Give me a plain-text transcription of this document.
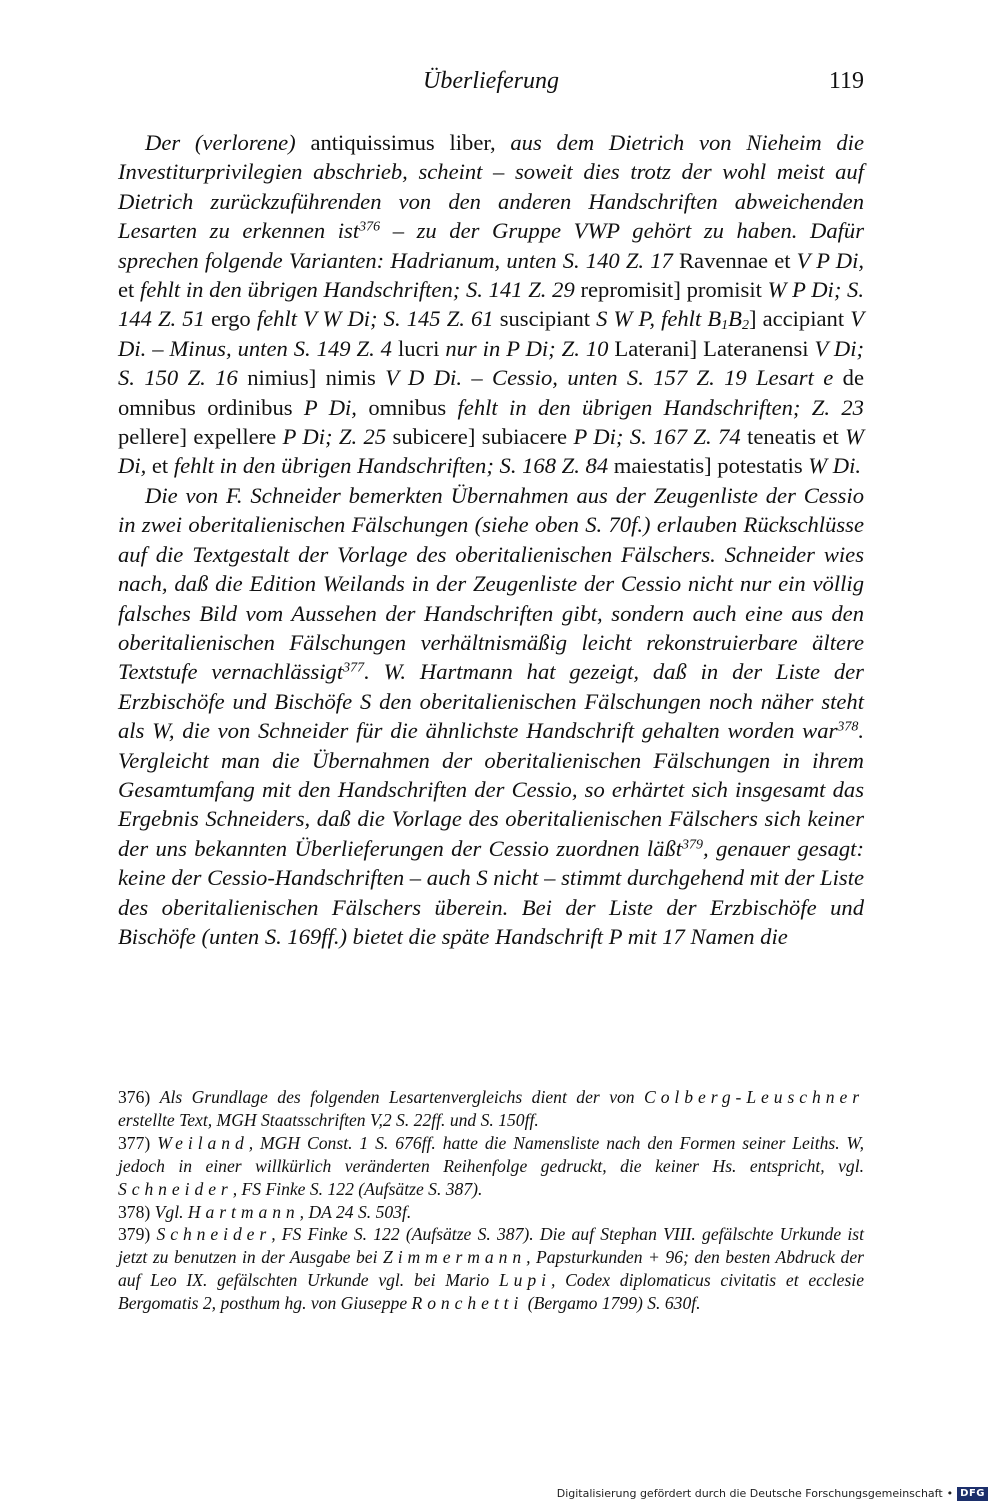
Überlieferung	119

Der (verlorene) antiquissimus liber, aus dem Dietrich von Nieheim die Investiturprivilegien abschrieb, scheint – soweit dies trotz der wohl meist auf Dietrich zurückzuführenden von den anderen Handschriften abweichenden Lesarten zu erkennen ist$^{376}$ – zu der Gruppe VWP gehört zu haben. Dafür sprechen folgende Varianten: Hadrianum, unten S. 140 Z. 17 Ravennae et V P Di, et fehlt in den übrigen Handschriften; S. 141 Z. 29 repromisit] promisit W P Di; S. 144 Z. 51 ergo fehlt V W Di; S. 145 Z. 61 suscipiant S W P, fehlt $B_1B_2$] accipiant V Di. – Minus, unten S. 149 Z. 4 lucri nur in P Di; Z. 10 Laterani] Lateranensi V Di; S. 150 Z. 16 nimius] nimis V D Di. – Cessio, unten S. 157 Z. 19 Lesart e de omnibus ordinibus P Di, omnibus fehlt in den übrigen Handschriften; Z. 23 pellere] expellere P Di; Z. 25 subicere] subiacere P Di; S. 167 Z. 74 teneatis et W Di, et fehlt in den übrigen Handschriften; S. 168 Z. 84 maiestatis] potestatis W Di.

Die von F. Schneider bemerkten Übernahmen aus der Zeugenliste der Cessio in zwei oberitalienischen Fälschungen (siehe oben S. 70f.) erlauben Rückschlüsse auf die Textgestalt der Vorlage des oberitalienischen Fälschers. Schneider wies nach, daß die Edition Weilands in der Zeugenliste der Cessio nicht nur ein völlig falsches Bild vom Aussehen der Handschriften gibt, sondern auch eine aus den oberitalienischen Fälschungen verhältnismäßig leicht rekonstruierbare ältere Textstufe vernachlässigt$^{377}$. W. Hartmann hat gezeigt, daß in der Liste der Erzbischöfe und Bischöfe S den oberitalienischen Fälschungen noch näher steht als W, die von Schneider für die ähnlichste Handschrift gehalten worden war$^{378}$. Vergleicht man die Übernahmen der oberitalienischen Fälschungen in ihrem Gesamtumfang mit den Handschriften der Cessio, so erhärtet sich insgesamt das Ergebnis Schneiders, daß die Vorlage des oberitalienischen Fälschers sich keiner der uns bekannten Überlieferungen der Cessio zuordnen läßt$^{379}$, genauer gesagt: keine der Cessio-Handschriften – auch S nicht – stimmt durchgehend mit der Liste des oberitalienischen Fälschers überein. Bei der Liste der Erzbischöfe und Bischöfe (unten S. 169ff.) bietet die späte Handschrift P mit 17 Namen die

376) Als Grundlage des folgenden Lesartenvergleichs dient der von Colberg-Leuschner erstellte Text, MGH Staatsschriften V,2 S. 22ff. und S. 150ff.

377) Weiland, MGH Const. 1 S. 676ff. hatte die Namensliste nach den Formen seiner Leiths. W, jedoch in einer willkürlich veränderten Reihenfolge gedruckt, die keiner Hs. entspricht, vgl. Schneider, FS Finke S. 122 (Aufsätze S. 387).

378) Vgl. Hartmann, DA 24 S. 503f.

379) Schneider, FS Finke S. 122 (Aufsätze S. 387). Die auf Stephan VIII. gefälschte Urkunde ist jetzt zu benutzen in der Ausgabe bei Zimmermann, Papsturkunden + 96; den besten Abdruck der auf Leo IX. gefälschten Urkunde vgl. bei Mario Lupi, Codex diplomaticus civitatis et ecclesie Bergomatis 2, posthum hg. von Giuseppe Ronchetti (Bergamo 1799) S. 630f.

Digitalisierung gefördert durch die Deutsche Forschungsgemeinschaft • DFG
